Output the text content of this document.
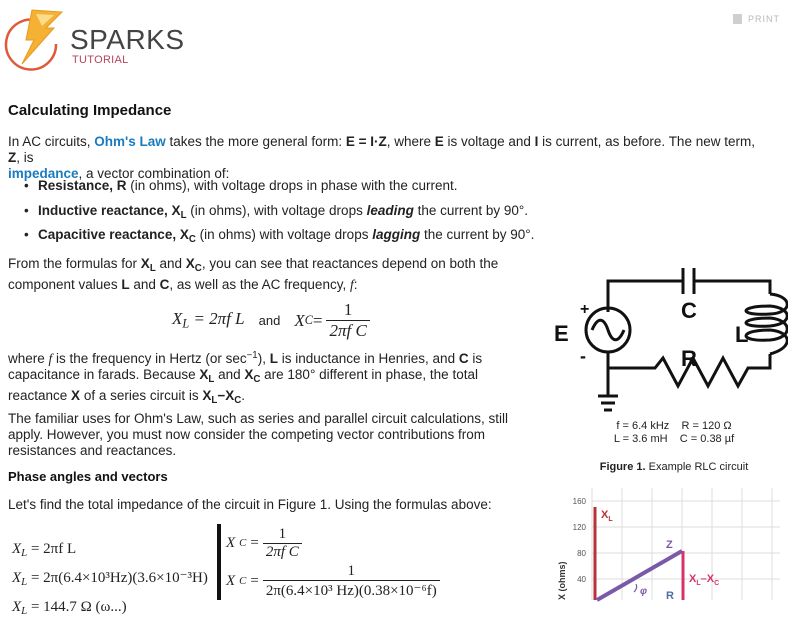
SPARKS
TUTORIAL
PRINT
Calculating Impedance
In AC circuits, Ohm's Law takes the more general form: E = I·Z, where E is voltage and I is current, as before. The new term, Z, is
impedance, a vector combination of:
• Resistance, R (in ohms), with voltage drops in phase with the current.
• Inductive reactance, $X_L$ (in ohms), with voltage drops leading the current by 90°.
• Capacitive reactance, $X_C$ (in ohms) with voltage drops lagging the current by 90°.
From the formulas for $X_L$ and $X_C$, you can see that reactances depend on both the component values L and C, as well as the AC frequency, f:
$X_L = 2\pi f$ L and X $C = \frac{1}{\text{2πf C}}$
where f is the frequency in Hertz (or $\sec^{-1}$), L is inductance in Henries, and C is capacitance in farads. Because $X_L$ and $X_C$ are 180° different in phase, the total reactance X of a series circuit is $X_L-X_C$.
The familiar uses for Ohm's Law, such as series and parallel circuit calculations, still apply. However, you must now consider the competing vector contributions from resistances and reactances.
Phase angles and vectors
Let's find the total impedance of the circuit in Figure 1. Using the formulas above:
$X_L = 2\pi f$ L
$X_L = 2\pi(6.4\times 10^3Hz)(3.6\times 10^{-3}H)$
$X_L = 144.7$ Ω (ω...)
X $C = \frac{1}{\text{2πf C}}$
X $C = \frac{1}{\text{2π(6.4×10³ Hz)(0.38×10⁻⁶f)}}$
C
L
R
E
+
-
f = 6.4 kHz    R = 120 Ω
L = 3.6 mH    C = 0.38 µf
Figure 1. Example RLC circuit
160
120
80
40
X (ohms)
$X_L$
Z
$X_L-X_C$
R
φ
